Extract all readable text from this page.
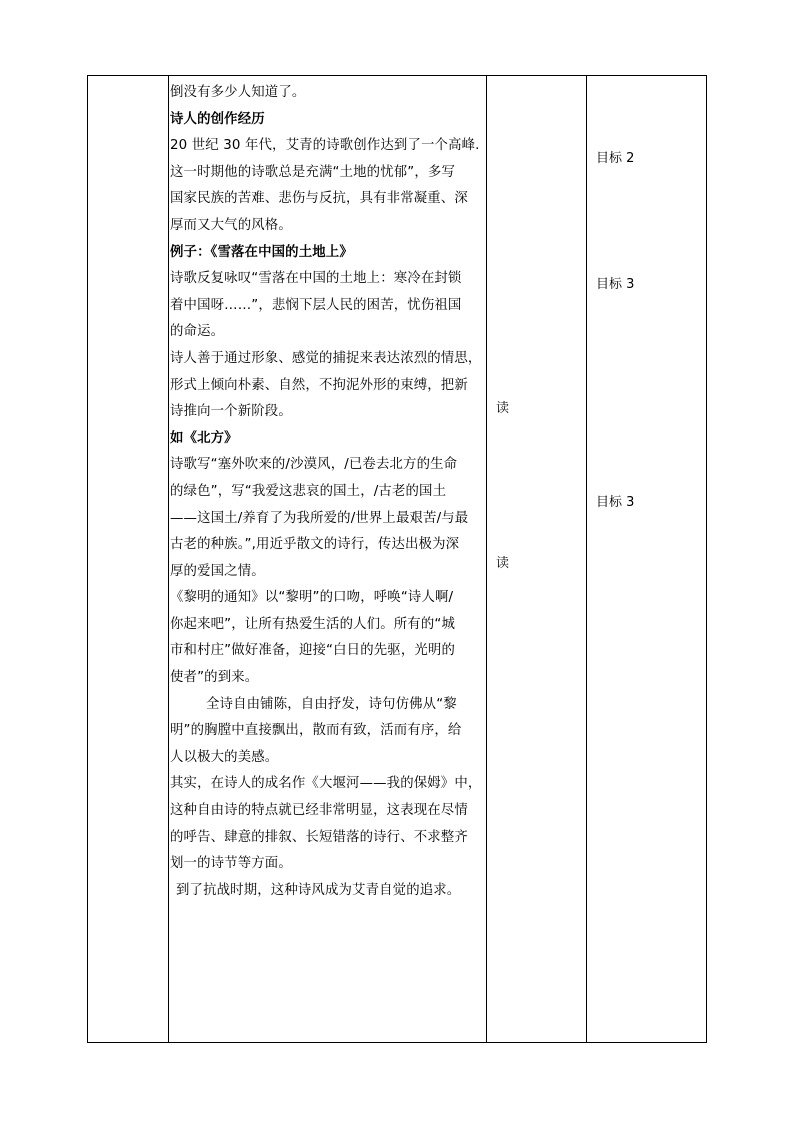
倒没有多少人知道了。

诗人的创作经历

20 世纪 30 年代，艾青的诗歌创作达到了一个高峰.

这一时期他的诗歌总是充满“土地的忧郁”，多写

国家民族的苦难、悲伤与反抗，具有非常凝重、深

厚而又大气的风格。

例子：《雪落在中国的土地上》

诗歌反复咏叹“雪落在中国的土地上：寒冷在封锁

着中国呀……”，悲悯下层人民的困苦，忧伤祖国

的命运。

诗人善于通过形象、感觉的捕捉来表达浓烈的情思，

形式上倾向朴素、自然，不拘泥外形的束缚，把新

诗推向一个新阶段。

如《北方》

诗歌写“塞外吹来的/沙漠风，/已卷去北方的生命

的绿色”，写“我爱这悲哀的国土，/古老的国土

——这国土/养育了为我所爱的/世界上最艰苦/与最

古老的种族。”,用近乎散文的诗行，传达出极为深

厚的爱国之情。

《黎明的通知》以“黎明”的口吻，呼唤“诗人啊/

你起来吧”，让所有热爱生活的人们。所有的“城

市和村庄”做好准备，迎接“白日的先驱，光明的

使者”的到来。

全诗自由铺陈，自由抒发，诗句仿佛从“黎

明”的胸膛中直接飘出，散而有致，活而有序，给

人以极大的美感。

其实，在诗人的成名作《大堰河——我的保姆》中，

这种自由诗的特点就已经非常明显，这表现在尽情

的呼告、肆意的排叙、长短错落的诗行、不求整齐

划一的诗节等方面。

到了抗战时期，这种诗风成为艾青自觉的追求。

读
读
目标 2
目标 3
目标 3
